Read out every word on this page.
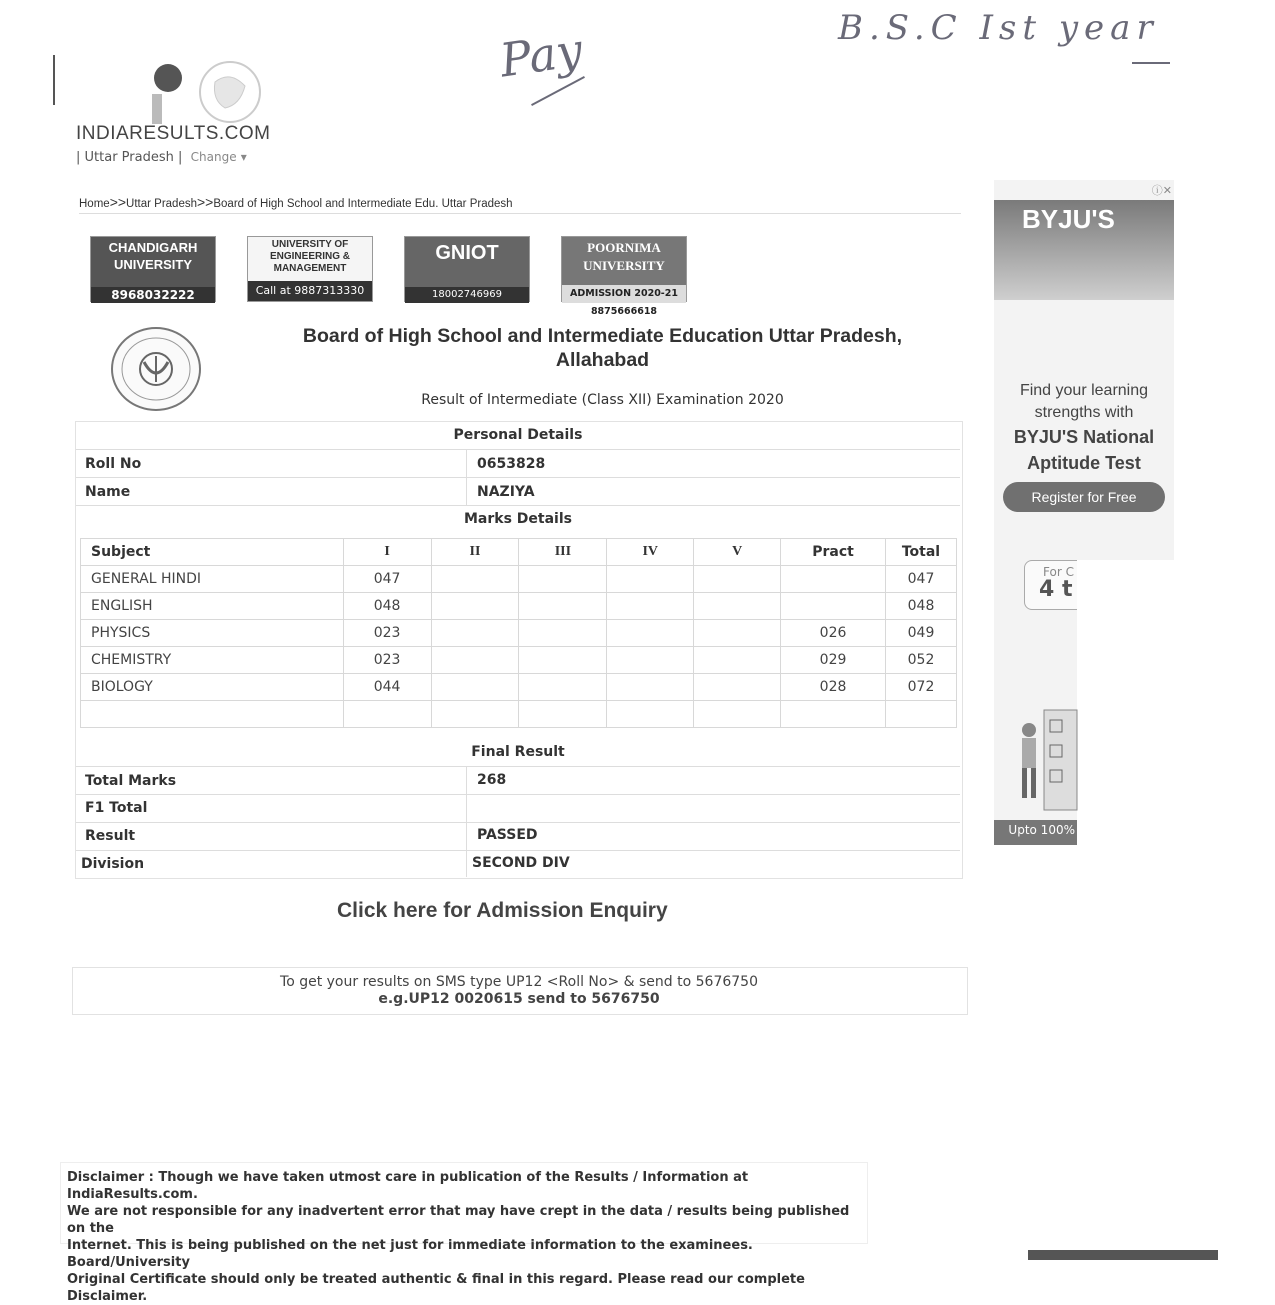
Pay	B.S.C Ist year
INDIARESULTS.COM
| Uttar Pradesh |  Change ▾
Home>>Uttar Pradesh>>Board of High School and Intermediate Edu. Uttar Pradesh
CHANDIGARH UNIVERSITY
8968032222
UNIVERSITY OF ENGINEERING & MANAGEMENT
Call at 9887313330
GNIOT
18002746969
POORNIMA UNIVERSITY
ADMISSION 2020-21 8875666618
Board of High School and Intermediate Education Uttar Pradesh,
Allahabad
Result of Intermediate (Class XII) Examination 2020
Personal Details
Roll No	0653828
Name	NAZIYA
Marks Details
Subject	I	II	III	IV	V	Pract	Total
GENERAL HINDI	047						047
ENGLISH	048						048
PHYSICS	023					026	049
CHEMISTRY	023					029	052
BIOLOGY	044					028	072

Final Result
Total Marks	268
F1 Total
Result	PASSED
Division	SECOND DIV
Click here for Admission Enquiry
To get your results on SMS type UP12 <Roll No> & send to 5676750
e.g.UP12 0020615 send to 5676750
Disclaimer : Though we have taken utmost care in publication of the Results / Information at IndiaResults.com.
We are not responsible for any inadvertent error that may have crept in the data / results being published on the
Internet. This is being published on the net just for immediate information to the examinees. Board/University
Original Certificate should only be treated authentic & final in this regard. Please read our complete Disclaimer.
ⓘ✕
BYJU'S
Find your learning
strengths with
BYJU'S National
Aptitude Test
Register for Free
For C
4 t
Upto 100%
